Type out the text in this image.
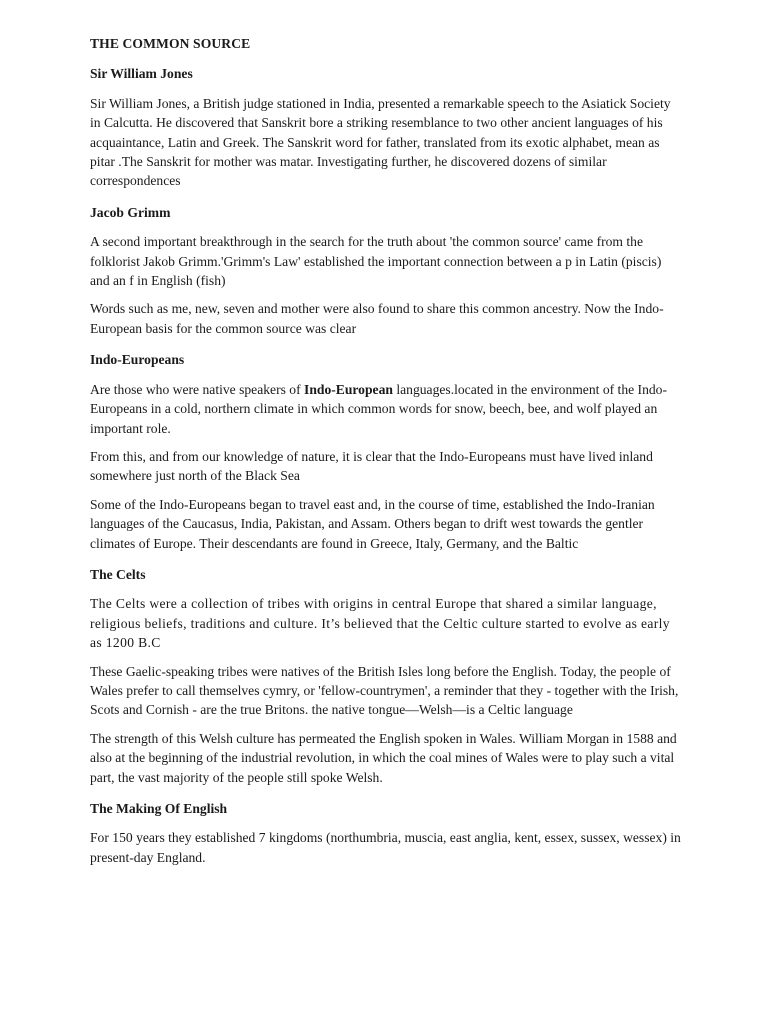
THE COMMON SOURCE
Sir William Jones

Sir William Jones, a British judge stationed in India, presented a remarkable speech to the Asiatick Society in Calcutta. He discovered that Sanskrit bore a striking resemblance to two other ancient languages of his acquaintance, Latin and Greek. The Sanskrit word for father, translated from its exotic alphabet, mean as pitar .The Sanskrit for mother was matar. Investigating further, he discovered dozens of similar correspondences

Jacob Grimm

A second important breakthrough in the search for the truth about 'the common source' came from the folklorist Jakob Grimm.'Grimm's Law' established the important connection between a p in Latin (piscis) and an f in English (fish)

Words such as me, new, seven and mother were also found to share this common ancestry. Now the Indo-European basis for the common source was clear

Indo-Europeans

Are those who were native speakers of Indo-European languages.located in the environment of the Indo-Europeans in a cold, northern climate in which common words for snow, beech, bee, and wolf played an important role.

From this, and from our knowledge of nature, it is clear that the Indo-Europeans must have lived inland somewhere just north of the Black Sea

Some of the Indo-Europeans began to travel east and, in the course of time, established the Indo-Iranian languages of the Caucasus, India, Pakistan, and Assam. Others began to drift west towards the gentler climates of Europe. Their descendants are found in Greece, Italy, Germany, and the Baltic

The Celts

The Celts were a collection of tribes with origins in central Europe that shared a similar language, religious beliefs, traditions and culture. It’s believed that the Celtic culture started to evolve as early as 1200 B.C

These Gaelic-speaking tribes were natives of the British Isles long before the English. Today, the people of Wales prefer to call themselves cymry, or 'fellow-countrymen', a reminder that they - together with the Irish, Scots and Cornish - are the true Britons. the native tongue—Welsh—is a Celtic language

The strength of this Welsh culture has permeated the English spoken in Wales. William Morgan in 1588 and also at the beginning of the industrial revolution, in which the coal mines of Wales were to play such a vital part, the vast majority of the people still spoke Welsh.

The Making Of English

For 150 years they established 7 kingdoms (northumbria, muscia, east anglia, kent, essex, sussex, wessex) in present-day England.
